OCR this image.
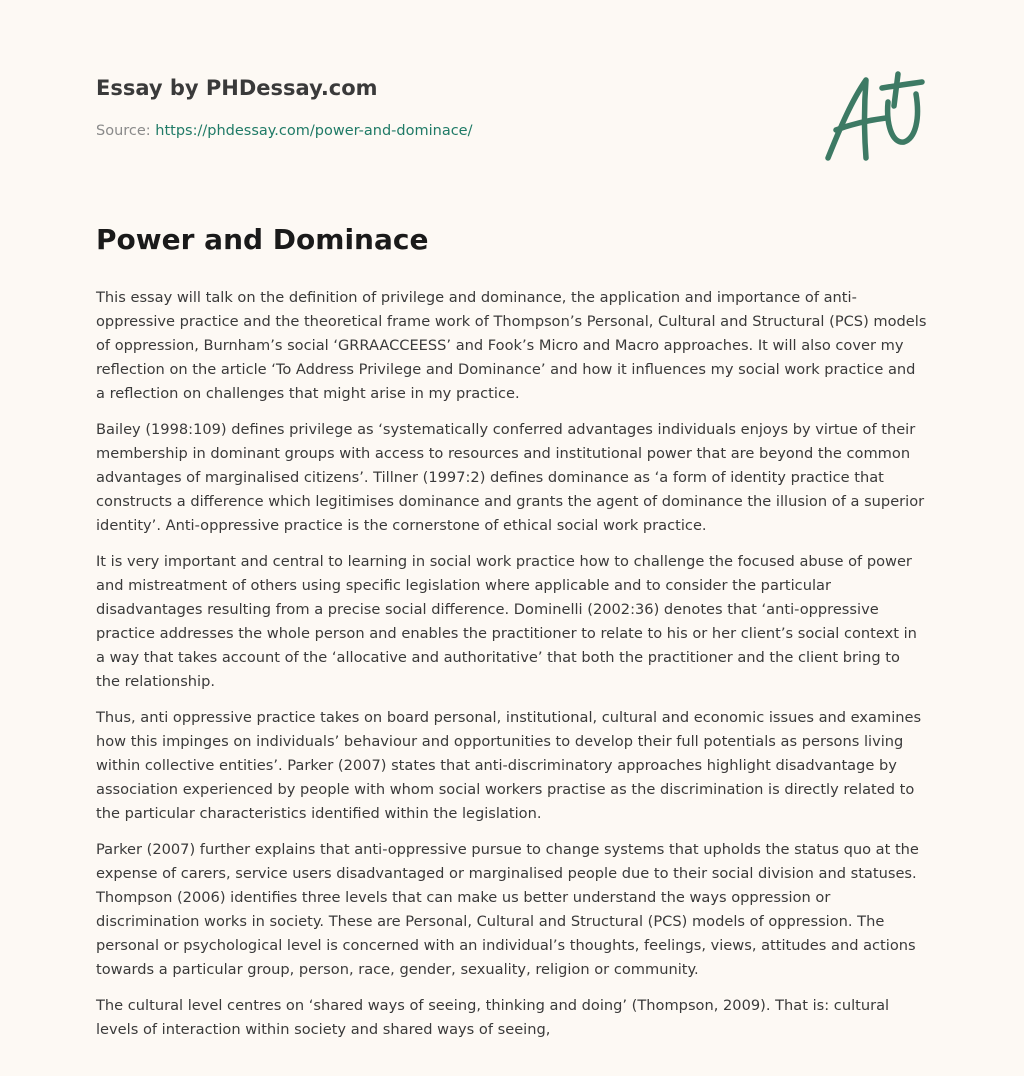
Essay by PHDessay.com
Source: https://phdessay.com/power-and-dominace/
Power and Dominace

This essay will talk on the definition of privilege and dominance, the application and importance of anti-oppressive practice and the theoretical frame work of Thompson’s Personal, Cultural and Structural (PCS) models of oppression, Burnham’s social ‘GRRAACCEESS’ and Fook’s Micro and Macro approaches. It will also cover my reflection on the article ‘To Address Privilege and Dominance’ and how it influences my social work practice and a reflection on challenges that might arise in my practice.

Bailey (1998:109) defines privilege as ‘systematically conferred advantages individuals enjoys by virtue of their membership in dominant groups with access to resources and institutional power that are beyond the common advantages of marginalised citizens’. Tillner (1997:2) defines dominance as ‘a form of identity practice that constructs a difference which legitimises dominance and grants the agent of dominance the illusion of a superior identity’. Anti-oppressive practice is the cornerstone of ethical social work practice.

It is very important and central to learning in social work practice how to challenge the focused abuse of power and mistreatment of others using specific legislation where applicable and to consider the particular disadvantages resulting from a precise social difference. Dominelli (2002:36) denotes that ‘anti-oppressive practice addresses the whole person and enables the practitioner to relate to his or her client’s social context in a way that takes account of the ‘allocative and authoritative’ that both the practitioner and the client bring to the relationship.

Thus, anti oppressive practice takes on board personal, institutional, cultural and economic issues and examines how this impinges on individuals’ behaviour and opportunities to develop their full potentials as persons living within collective entities’. Parker (2007) states that anti-discriminatory approaches highlight disadvantage by association experienced by people with whom social workers practise as the discrimination is directly related to the particular characteristics identified within the legislation.

Parker (2007) further explains that anti-oppressive pursue to change systems that upholds the status quo at the expense of carers, service users disadvantaged or marginalised people due to their social division and statuses. Thompson (2006) identifies three levels that can make us better understand the ways oppression or discrimination works in society. These are Personal, Cultural and Structural (PCS) models of oppression. The personal or psychological level is concerned with an individual’s thoughts, feelings, views, attitudes and actions towards a particular group, person, race, gender, sexuality, religion or community.

The cultural level centres on ‘shared ways of seeing, thinking and doing’ (Thompson, 2009). That is: cultural levels of interaction within society and shared ways of seeing,
